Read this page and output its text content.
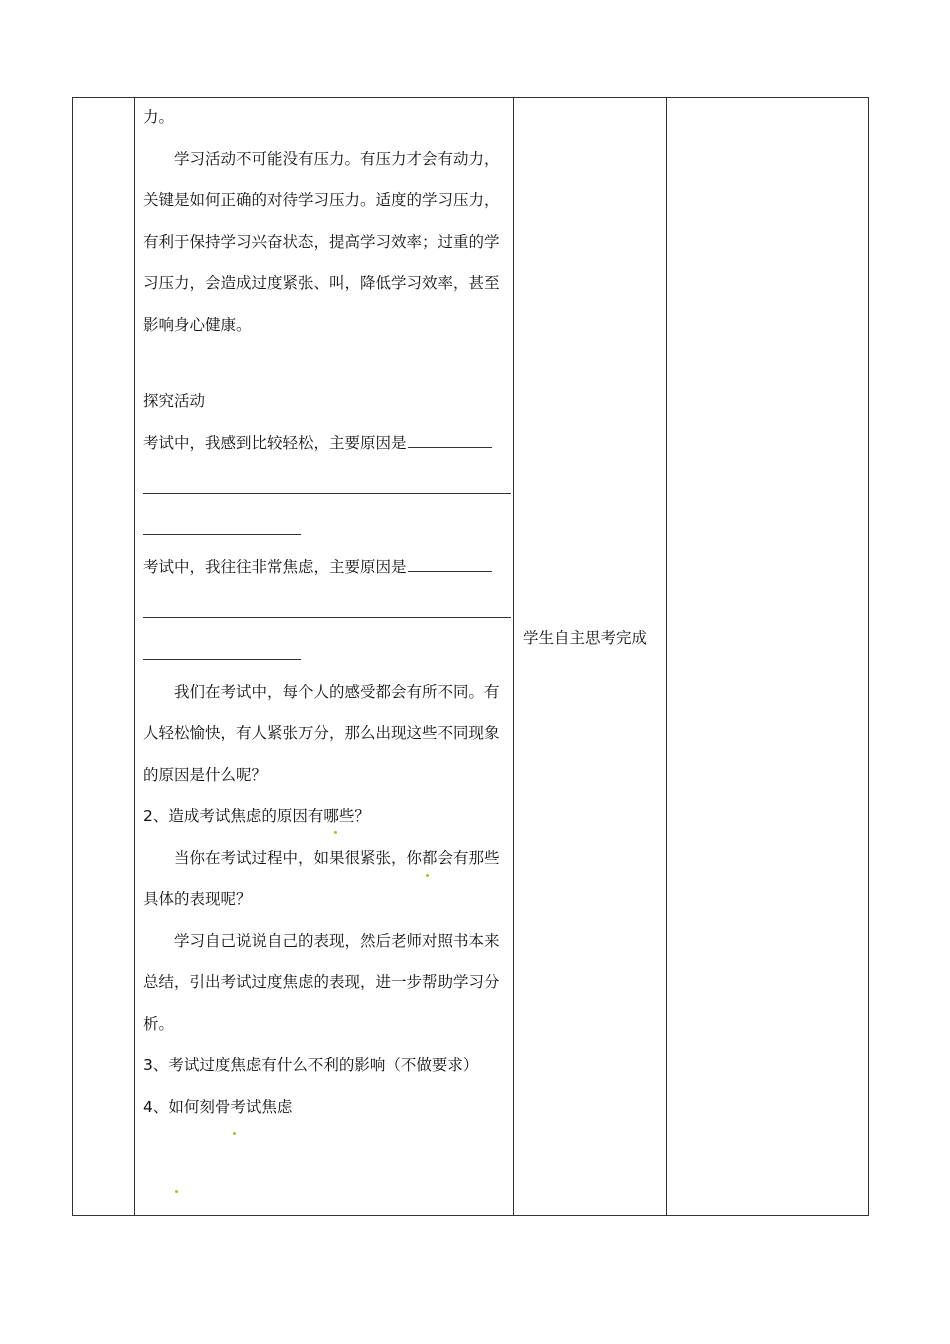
力。

学习活动不可能没有压力。有压力才会有动力，关键是如何正确的对待学习压力。适度的学习压力，有利于保持学习兴奋状态，提高学习效率；过重的学习压力，会造成过度紧张、叫，降低学习效率，甚至影响身心健康。

探究活动

考试中，我感到比较轻松，主要原因是

考试中，我往往非常焦虑，主要原因是

我们在考试中，每个人的感受都会有所不同。有人轻松愉快，有人紧张万分，那么出现这些不同现象的原因是什么呢？

2、造成考试焦虑的原因有哪些？

当你在考试过程中，如果很紧张，你都会有那些具体的表现呢？

学习自己说说自己的表现，然后老师对照书本来总结，引出考试过度焦虑的表现，进一步帮助学习分析。

3、考试过度焦虑有什么不利的影响（不做要求）

4、如何刻骨考试焦虑

学生自主思考完成
